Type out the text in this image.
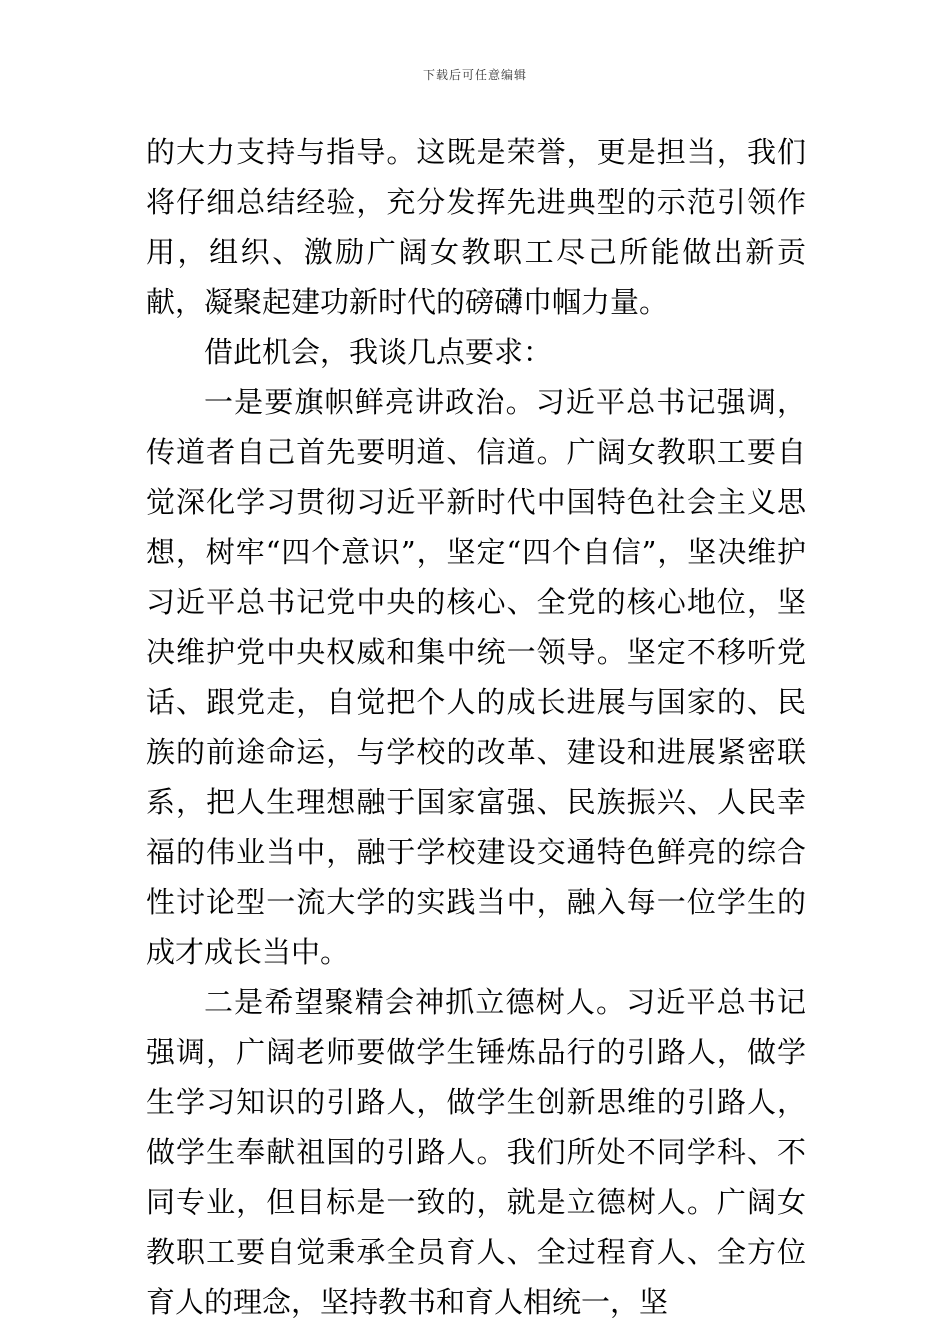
下载后可任意编辑

的大力支持与指导。这既是荣誉，更是担当，我们将仔细总结经验，充分发挥先进典型的示范引领作用，组织、激励广阔女教职工尽己所能做出新贡献，凝聚起建功新时代的磅礴巾帼力量。

借此机会，我谈几点要求：

一是要旗帜鲜亮讲政治。习近平总书记强调，传道者自己首先要明道、信道。广阔女教职工要自觉深化学习贯彻习近平新时代中国特色社会主义思想，树牢“四个意识”，坚定“四个自信”，坚决维护习近平总书记党中央的核心、全党的核心地位，坚决维护党中央权威和集中统一领导。坚定不移听党话、跟党走，自觉把个人的成长进展与国家的、民族的前途命运，与学校的改革、建设和进展紧密联系，把人生理想融于国家富强、民族振兴、人民幸福的伟业当中，融于学校建设交通特色鲜亮的综合性讨论型一流大学的实践当中，融入每一位学生的成才成长当中。

二是希望聚精会神抓立德树人。习近平总书记强调，广阔老师要做学生锤炼品行的引路人，做学生学习知识的引路人，做学生创新思维的引路人，做学生奉献祖国的引路人。我们所处不同学科、不同专业，但目标是一致的，就是立德树人。广阔女教职工要自觉秉承全员育人、全过程育人、全方位育人的理念，坚持教书和育人相统一，坚
